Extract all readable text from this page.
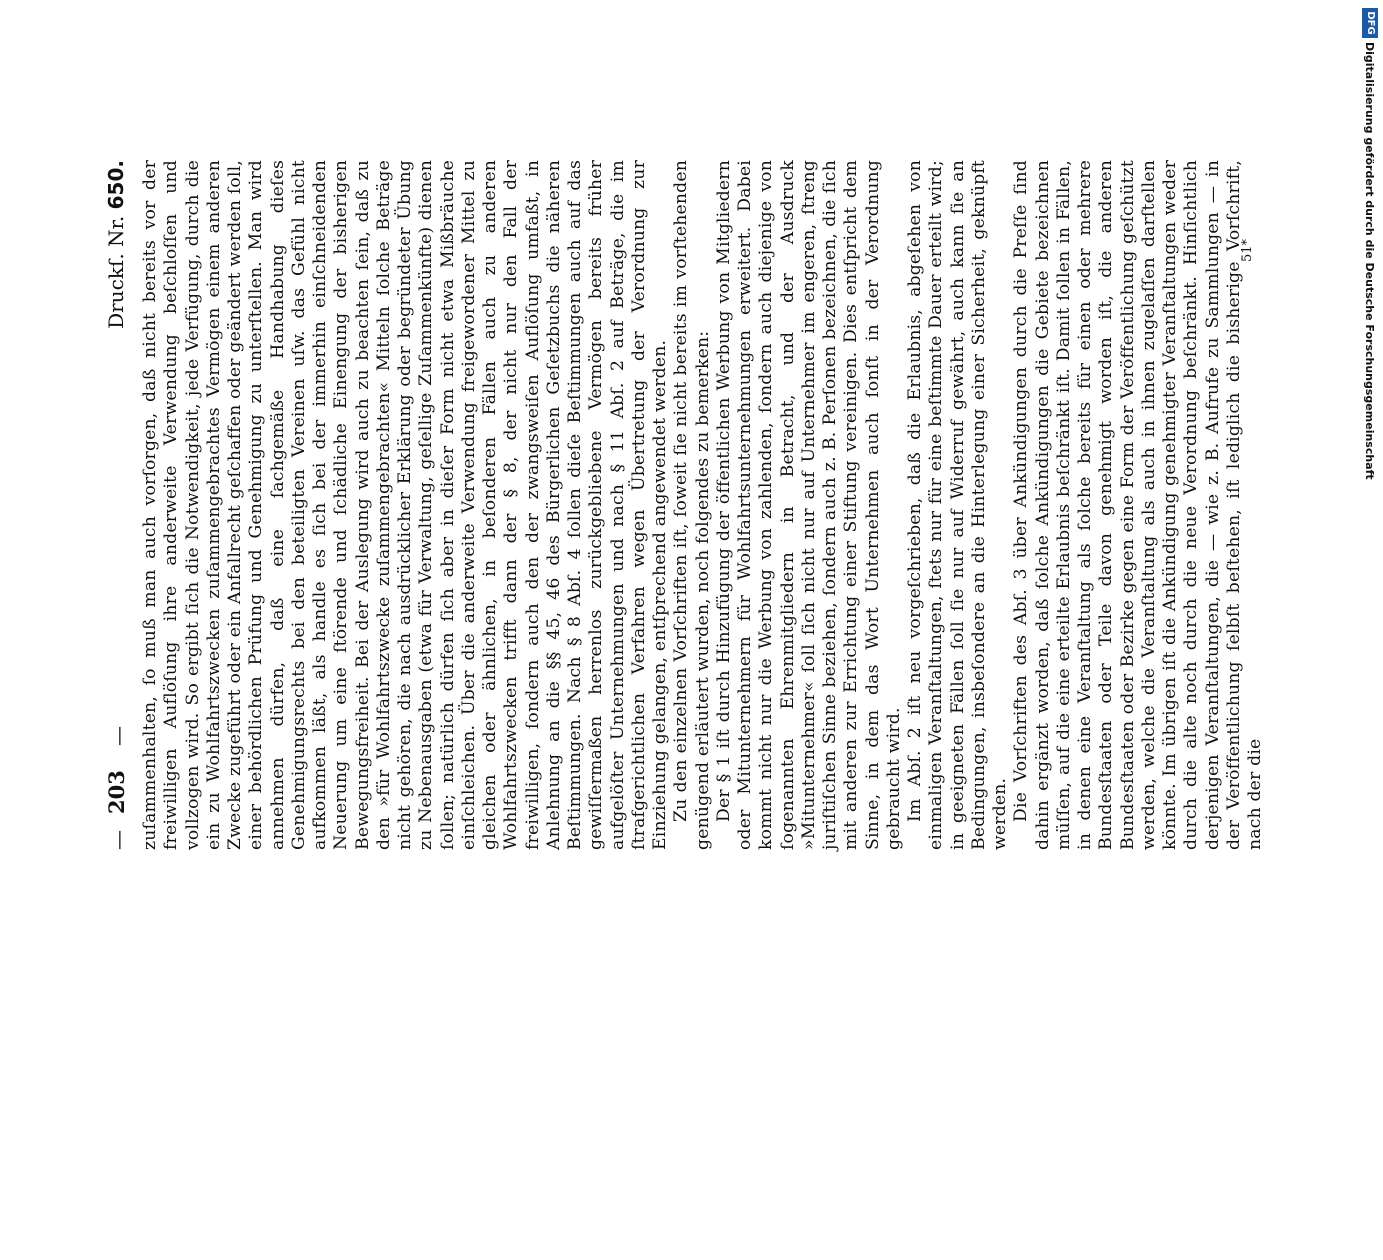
—
203
—
Druckſ. Nr. 650. zuſammenhalten, ſo muß man auch vorſorgen, daß nicht bereits vor der freiwilligen Auflöſung ihre anderweite Verwendung beſchloſſen und vollzogen wird. So ergibt ſich die Notwendigkeit, jede Verfügung, durch die ein zu Wohlfahrtszwecken zuſammengebrachtes Vermögen einem anderen Zwecke zugeführt oder ein Anfallrecht geſchaffen oder geändert werden ſoll, einer behördlichen Prüfung und Genehmigung zu unterſtellen. Man wird annehmen dürfen, daß eine ſachgemäße Handhabung dieſes Genehmigungsrechts bei den beteiligten Vereinen uſw. das Gefühl nicht aufkommen läßt, als handle es ſich bei der immerhin einſchneidenden Neuerung um eine ſtörende und ſchädliche Einengung der bisherigen Bewegungsfreiheit. Bei der Auslegung wird auch zu beachten ſein, daß zu den »für Wohlfahrtszwecke zuſammengebrachten« Mitteln ſolche Beträge nicht gehören, die nach ausdrücklicher Erklärung oder begründeter Übung zu Nebenausgaben (etwa für Verwaltung, geſellige Zuſammenkünfte) dienen ſollen; natürlich dürfen ſich aber in dieſer Form nicht etwa Mißbräuche einſchleichen. Über die anderweite Verwendung freigewordener Mittel zu gleichen oder ähnlichen, in beſonderen Fällen auch zu anderen Wohlfahrtszwecken trifft dann der § 8, der nicht nur den Fall der freiwilligen, ſondern auch den der zwangsweiſen Auflöſung umfaßt, in Anlehnung an die §§ 45, 46 des Bürgerlichen Geſetzbuchs die näheren Beſtimmungen. Nach § 8 Abſ. 4 ſollen dieſe Beſtimmungen auch auf das gewiſſermaßen herrenlos zurückgebliebene Vermögen bereits früher aufgelöſter Unternehmungen und nach § 11 Abſ. 2 auf Beträge, die im ſtrafgerichtlichen Verfahren wegen Übertretung der Verordnung zur Einziehung gelangen, entſprechend angewendet werden. Zu den einzelnen Vorſchriften iſt, ſoweit ſie nicht bereits im vorſtehenden genügend erläutert wurden, noch folgendes zu bemerken: Der § 1 iſt durch Hinzufügung der öffentlichen Werbung von Mitgliedern oder Mitunternehmern für Wohlfahrtsunternehmungen erweitert. Dabei kommt nicht nur die Werbung von zahlenden, ſondern auch diejenige von ſogenannten Ehrenmitgliedern in Betracht, und der Ausdruck »Mitunternehmer« ſoll ſich nicht nur auf Unternehmer im engeren, ſtreng juriſtiſchen Sinne beziehen, ſondern auch z. B. Perſonen bezeichnen, die ſich mit anderen zur Errichtung einer Stiftung vereinigen. Dies entſpricht dem Sinne, in dem das Wort Unternehmen auch ſonſt in der Verordnung gebraucht wird. Im Abſ. 2 iſt neu vorgeſchrieben, daß die Erlaubnis, abgeſehen von einmaligen Veranſtaltungen, ſtets nur für eine beſtimmte Dauer erteilt wird; in geeigneten Fällen ſoll ſie nur auf Widerruf gewährt, auch kann ſie an Bedingungen, insbeſondere an die Hinterlegung einer Sicherheit, geknüpft werden. Die Vorſchriften des Abſ. 3 über Ankündigungen durch die Preſſe ſind dahin ergänzt worden, daß ſolche Ankündigungen die Gebiete bezeichnen müſſen, auf die eine erteilte Erlaubnis beſchränkt iſt. Damit ſollen in Fällen, in denen eine Veranſtaltung als ſolche bereits für einen oder mehrere Bundesſtaaten oder Teile davon genehmigt worden iſt, die anderen Bundesſtaaten oder Bezirke gegen eine Form der Veröffentlichung geſchützt werden, welche die Veranſtaltung als auch in ihnen zugelaſſen darſtellen könnte. Im übrigen iſt die Ankündigung genehmigter Veranſtaltungen weder durch die alte noch durch die neue Verordnung beſchränkt. Hinſichtlich derjenigen Veranſtaltungen, die — wie z. B. Aufrufe zu Sammlungen — in der Veröffentlichung ſelbſt beſtehen, iſt lediglich die bisherige Vorſchrift, nach der die

51*
DFG
Digitalisierung gefördert durch die Deutsche Forschungsgemeinschaft
